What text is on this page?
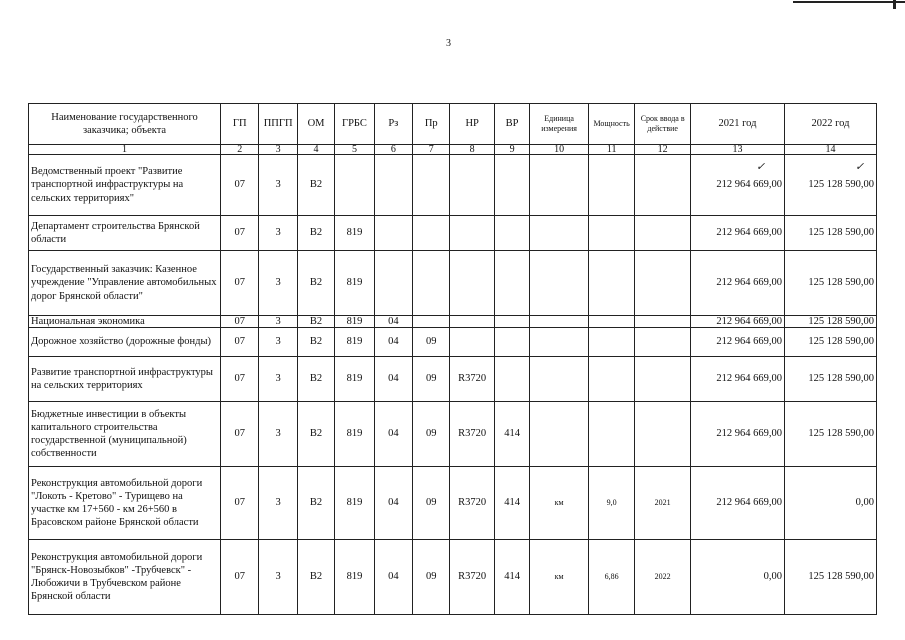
3
Наименование государственного заказчика; объекта	ГП	ППГП	ОМ	ГРБС	Рз	Пр	НР	ВР	Единица измерения	Мощность	Срок ввода в действие	2021 год	2022 год
1	2	3	4	5	6	7	8	9	10	11	12	13	14
Ведомственный проект "Развитие транспортной инфраструктуры на сельских территориях"	07	3	В2									212 964 669,00	125 128 590,00
Департамент строительства Брянской области	07	3	В2	819								212 964 669,00	125 128 590,00
Государственный заказчик: Казенное учреждение "Управление автомобильных дорог Брянской области"	07	3	В2	819								212 964 669,00	125 128 590,00
Национальная экономика	07	3	В2	819	04							212 964 669,00	125 128 590,00
Дорожное хозяйство (дорожные фонды)	07	3	В2	819	04	09						212 964 669,00	125 128 590,00
Развитие транспортной инфраструктуры на сельских территориях	07	3	В2	819	04	09	R3720					212 964 669,00	125 128 590,00
Бюджетные инвестиции в объекты капитального строительства государственной (муниципальной) собственности	07	3	В2	819	04	09	R3720	414				212 964 669,00	125 128 590,00
Реконструкция автомобильной дороги "Локоть - Кретово" - Турищево на участке км 17+560 - км 26+560 в Брасовском районе Брянской области	07	3	В2	819	04	09	R3720	414	км	9,0	2021	212 964 669,00	0,00
Реконструкция автомобильной дороги "Брянск-Новозыбков" -Трубчевск" - Любожичи в Трубчевском районе Брянской области	07	3	В2	819	04	09	R3720	414	км	6,86	2022	0,00	125 128 590,00
✓	✓
